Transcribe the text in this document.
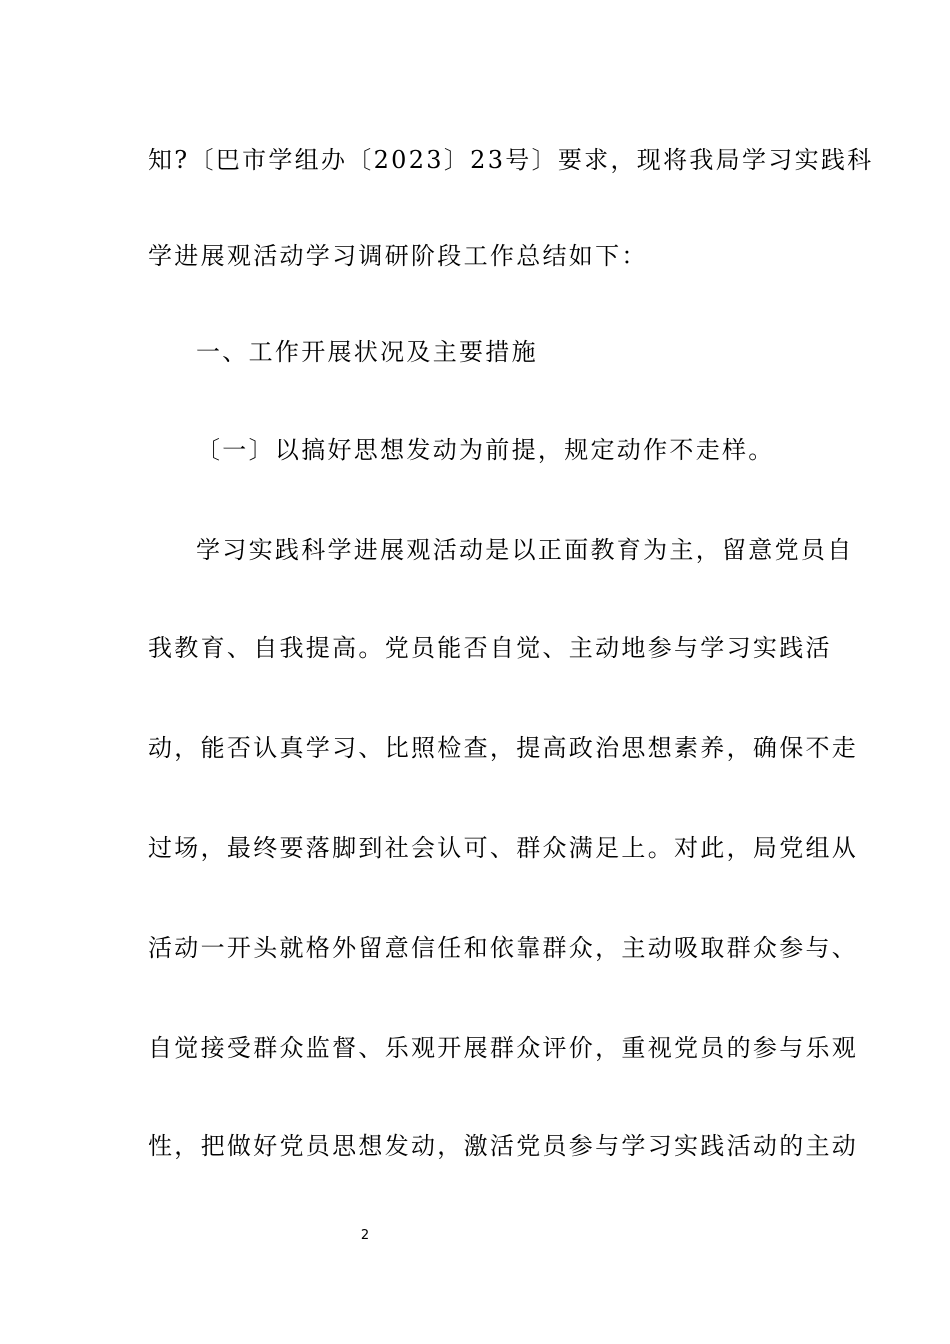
知?〔巴市学组办〔2023〕23号〕要求，现将我局学习实践科
学进展观活动学习调研阶段工作总结如下：
一、工作开展状况及主要措施
〔一〕以搞好思想发动为前提，规定动作不走样。
学习实践科学进展观活动是以正面教育为主，留意党员自
我教育、自我提高。党员能否自觉、主动地参与学习实践活
动，能否认真学习、比照检查，提高政治思想素养，确保不走
过场，最终要落脚到社会认可、群众满足上。对此，局党组从
活动一开头就格外留意信任和依靠群众，主动吸取群众参与、
自觉接受群众监督、乐观开展群众评价，重视党员的参与乐观
性，把做好党员思想发动，激活党员参与学习实践活动的主动
2
